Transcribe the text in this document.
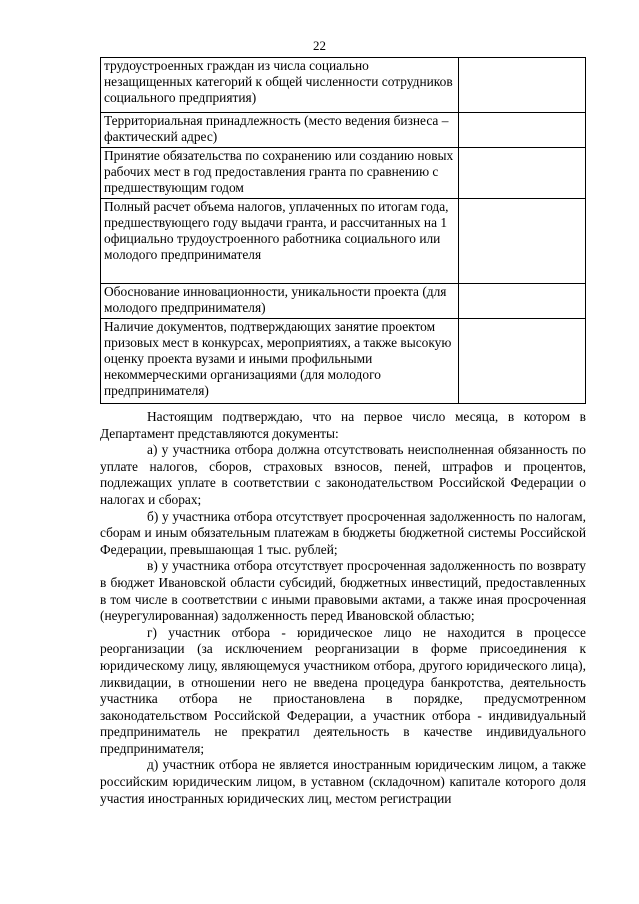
22
трудоустроенных граждан из числа социально незащищенных категорий к общей численности сотрудников социального предприятия)	
Территориальная принадлежность (место ведения бизнеса – фактический адрес)	
Принятие обязательства по сохранению или созданию новых рабочих мест в год предоставления гранта по сравнению с предшествующим годом	
Полный расчет объема налогов, уплаченных по итогам года, предшествующего году выдачи гранта, и рассчитанных на 1 официально трудоустроенного работника социального или молодого предпринимателя	
Обоснование инновационности, уникальности проекта (для молодого предпринимателя)	
Наличие документов, подтверждающих занятие проектом призовых мест в конкурсах, мероприятиях, а также высокую оценку проекта вузами и иными профильными некоммерческими организациями (для молодого предпринимателя)	

Настоящим подтверждаю, что на первое число месяца, в котором в Департамент представляются документы:

а) у участника отбора должна отсутствовать неисполненная обязанность по уплате налогов, сборов, страховых взносов, пеней, штрафов и процентов, подлежащих уплате в соответствии с законодательством Российской Федерации о налогах и сборах;

б) у участника отбора отсутствует просроченная задолженность по налогам, сборам и иным обязательным платежам в бюджеты бюджетной системы Российской Федерации, превышающая 1 тыс. рублей;

в) у участника отбора отсутствует просроченная задолженность по возврату в бюджет Ивановской области субсидий, бюджетных инвестиций, предоставленных в том числе в соответствии с иными правовыми актами, а также иная просроченная (неурегулированная) задолженность перед Ивановской областью;

г) участник отбора - юридическое лицо не находится в процессе реорганизации (за исключением реорганизации в форме присоединения к юридическому лицу, являющемуся участником отбора, другого юридического лица), ликвидации, в отношении него не введена процедура банкротства, деятельность участника отбора не приостановлена в порядке, предусмотренном законодательством Российской Федерации, а участник отбора - индивидуальный предприниматель не прекратил деятельность в качестве индивидуального предпринимателя;

д) участник отбора не является иностранным юридическим лицом, а также российским юридическим лицом, в уставном (складочном) капитале которого доля участия иностранных юридических лиц, местом регистрации
